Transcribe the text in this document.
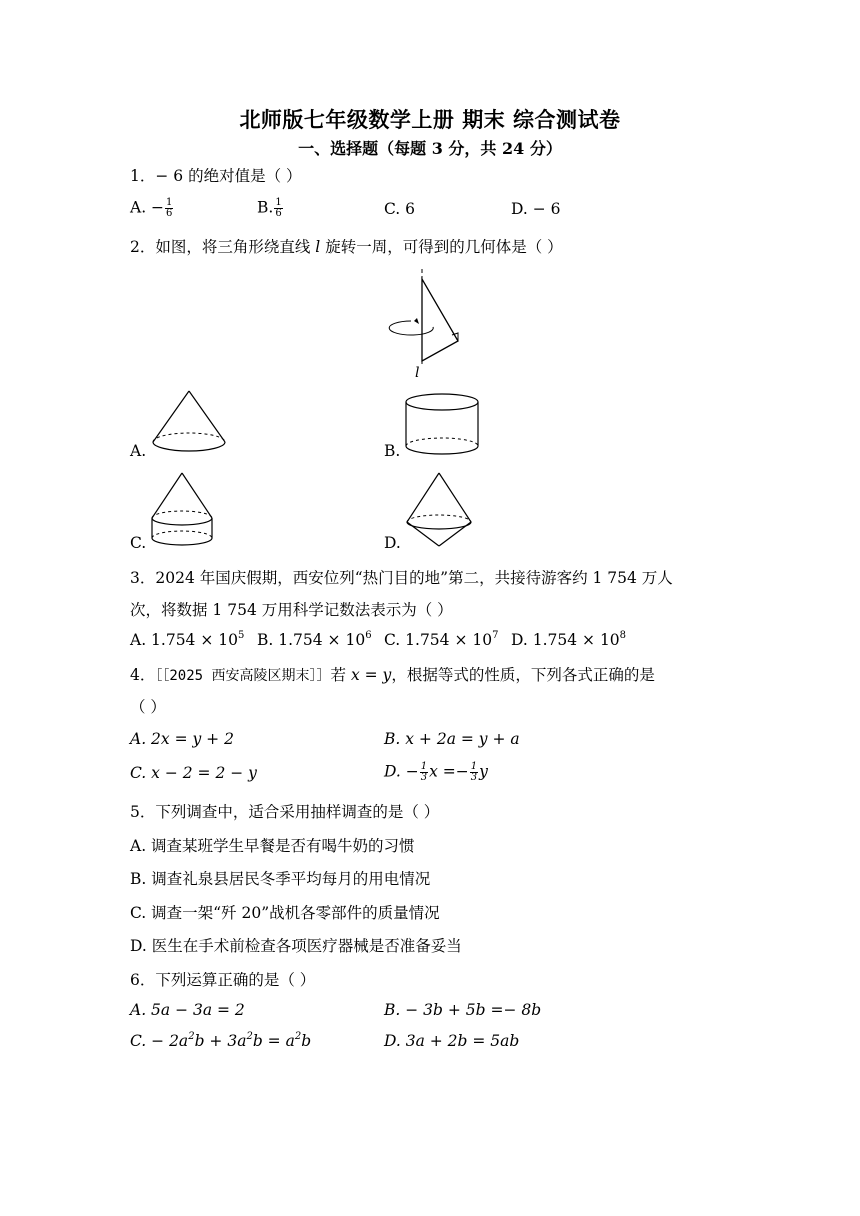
北师版七年级数学上册 期末 综合测试卷
一、选择题（每题 3 分，共 24 分）
1．− 6 的绝对值是（ ）
A. − $\frac{1}{6}$	B. $\frac{1}{6}$	C. 6	D. − 6
2．如图，将三角形绕直线 l 旋转一周，可得到的几何体是（ ）
l
A.	B.
C.	D.
3．2024 年国庆假期，西安位列“热门目的地”第二，共接待游客约 1 754 万人
次，将数据 1 754 万用科学记数法表示为（ ）
A. $1.754 \times 10^5$ B. $1.754 \times 10^6$ C. $1.754 \times 10^7$ D. $1.754 \times 10^8$
4．［［2025 西安高陵区期末］］若 x = y，根据等式的性质，下列各式正确的是
（ ）
A. 2x = y + 2	B. x + 2a = y + a
C. x − 2 = 2 − y	D. − $\frac{1}{3}$ $x =- \frac{1}{3}$ y
5．下列调查中，适合采用抽样调查的是（ ）
A. 调查某班学生早餐是否有喝牛奶的习惯
B. 调查礼泉县居民冬季平均每月的用电情况
C. 调查一架“歼 20”战机各零部件的质量情况
D. 医生在手术前检查各项医疗器械是否准备妥当
6．下列运算正确的是（ ）
A. 5a − 3a = 2	B. − 3b + 5b =− 8b
C. − $2a^2b + 3a^2b = a^2b$	D. 3a + 2b = 5ab
